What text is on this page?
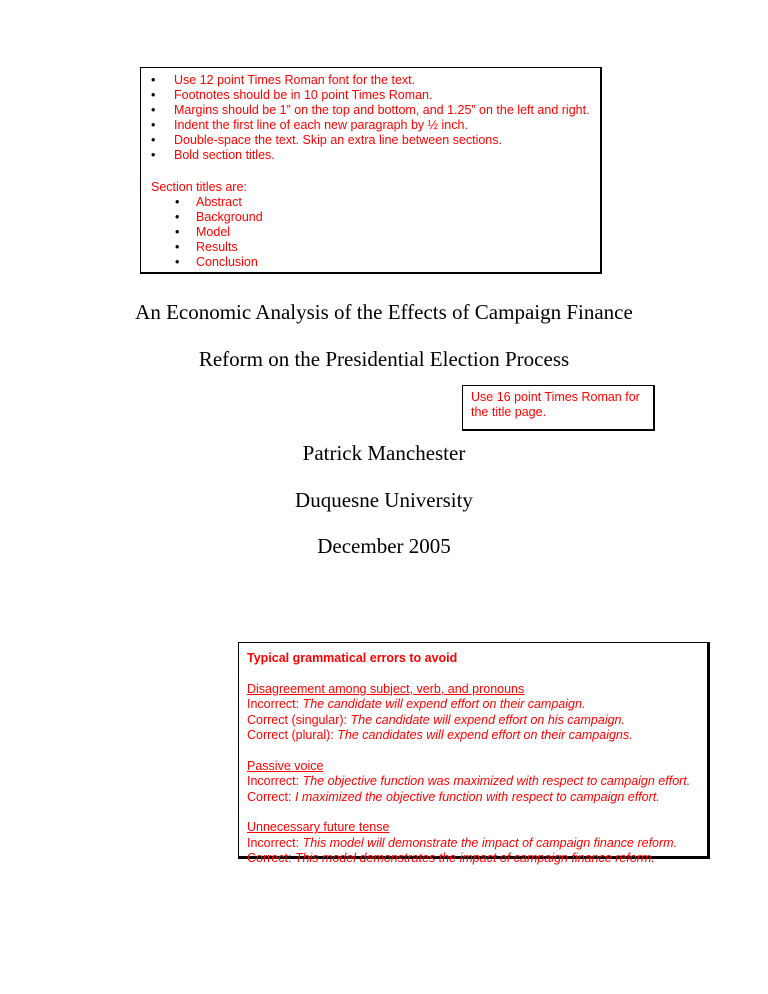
• Use 12 point Times Roman font for the text.
• Footnotes should be in 10 point Times Roman.
• Margins should be 1” on the top and bottom, and 1.25” on the left and right.
• Indent the first line of each new paragraph by ½ inch.
• Double-space the text. Skip an extra line between sections.
• Bold section titles.
Section titles are:
• Abstract
• Background
• Model
• Results
• Conclusion
An Economic Analysis of the Effects of Campaign Finance
Reform on the Presidential Election Process
Use 16 point Times Roman for
the title page.
Patrick Manchester
Duquesne University
December 2005
Typical grammatical errors to avoid
Disagreement among subject, verb, and pronouns
Incorrect: The candidate will expend effort on their campaign.
Correct (singular): The candidate will expend effort on his campaign.
Correct (plural): The candidates will expend effort on their campaigns.
Passive voice
Incorrect: The objective function was maximized with respect to campaign effort.
Correct: I maximized the objective function with respect to campaign effort.
Unnecessary future tense
Incorrect: This model will demonstrate the impact of campaign finance reform.
Correct: This model demonstrates the impact of campaign finance reform.
